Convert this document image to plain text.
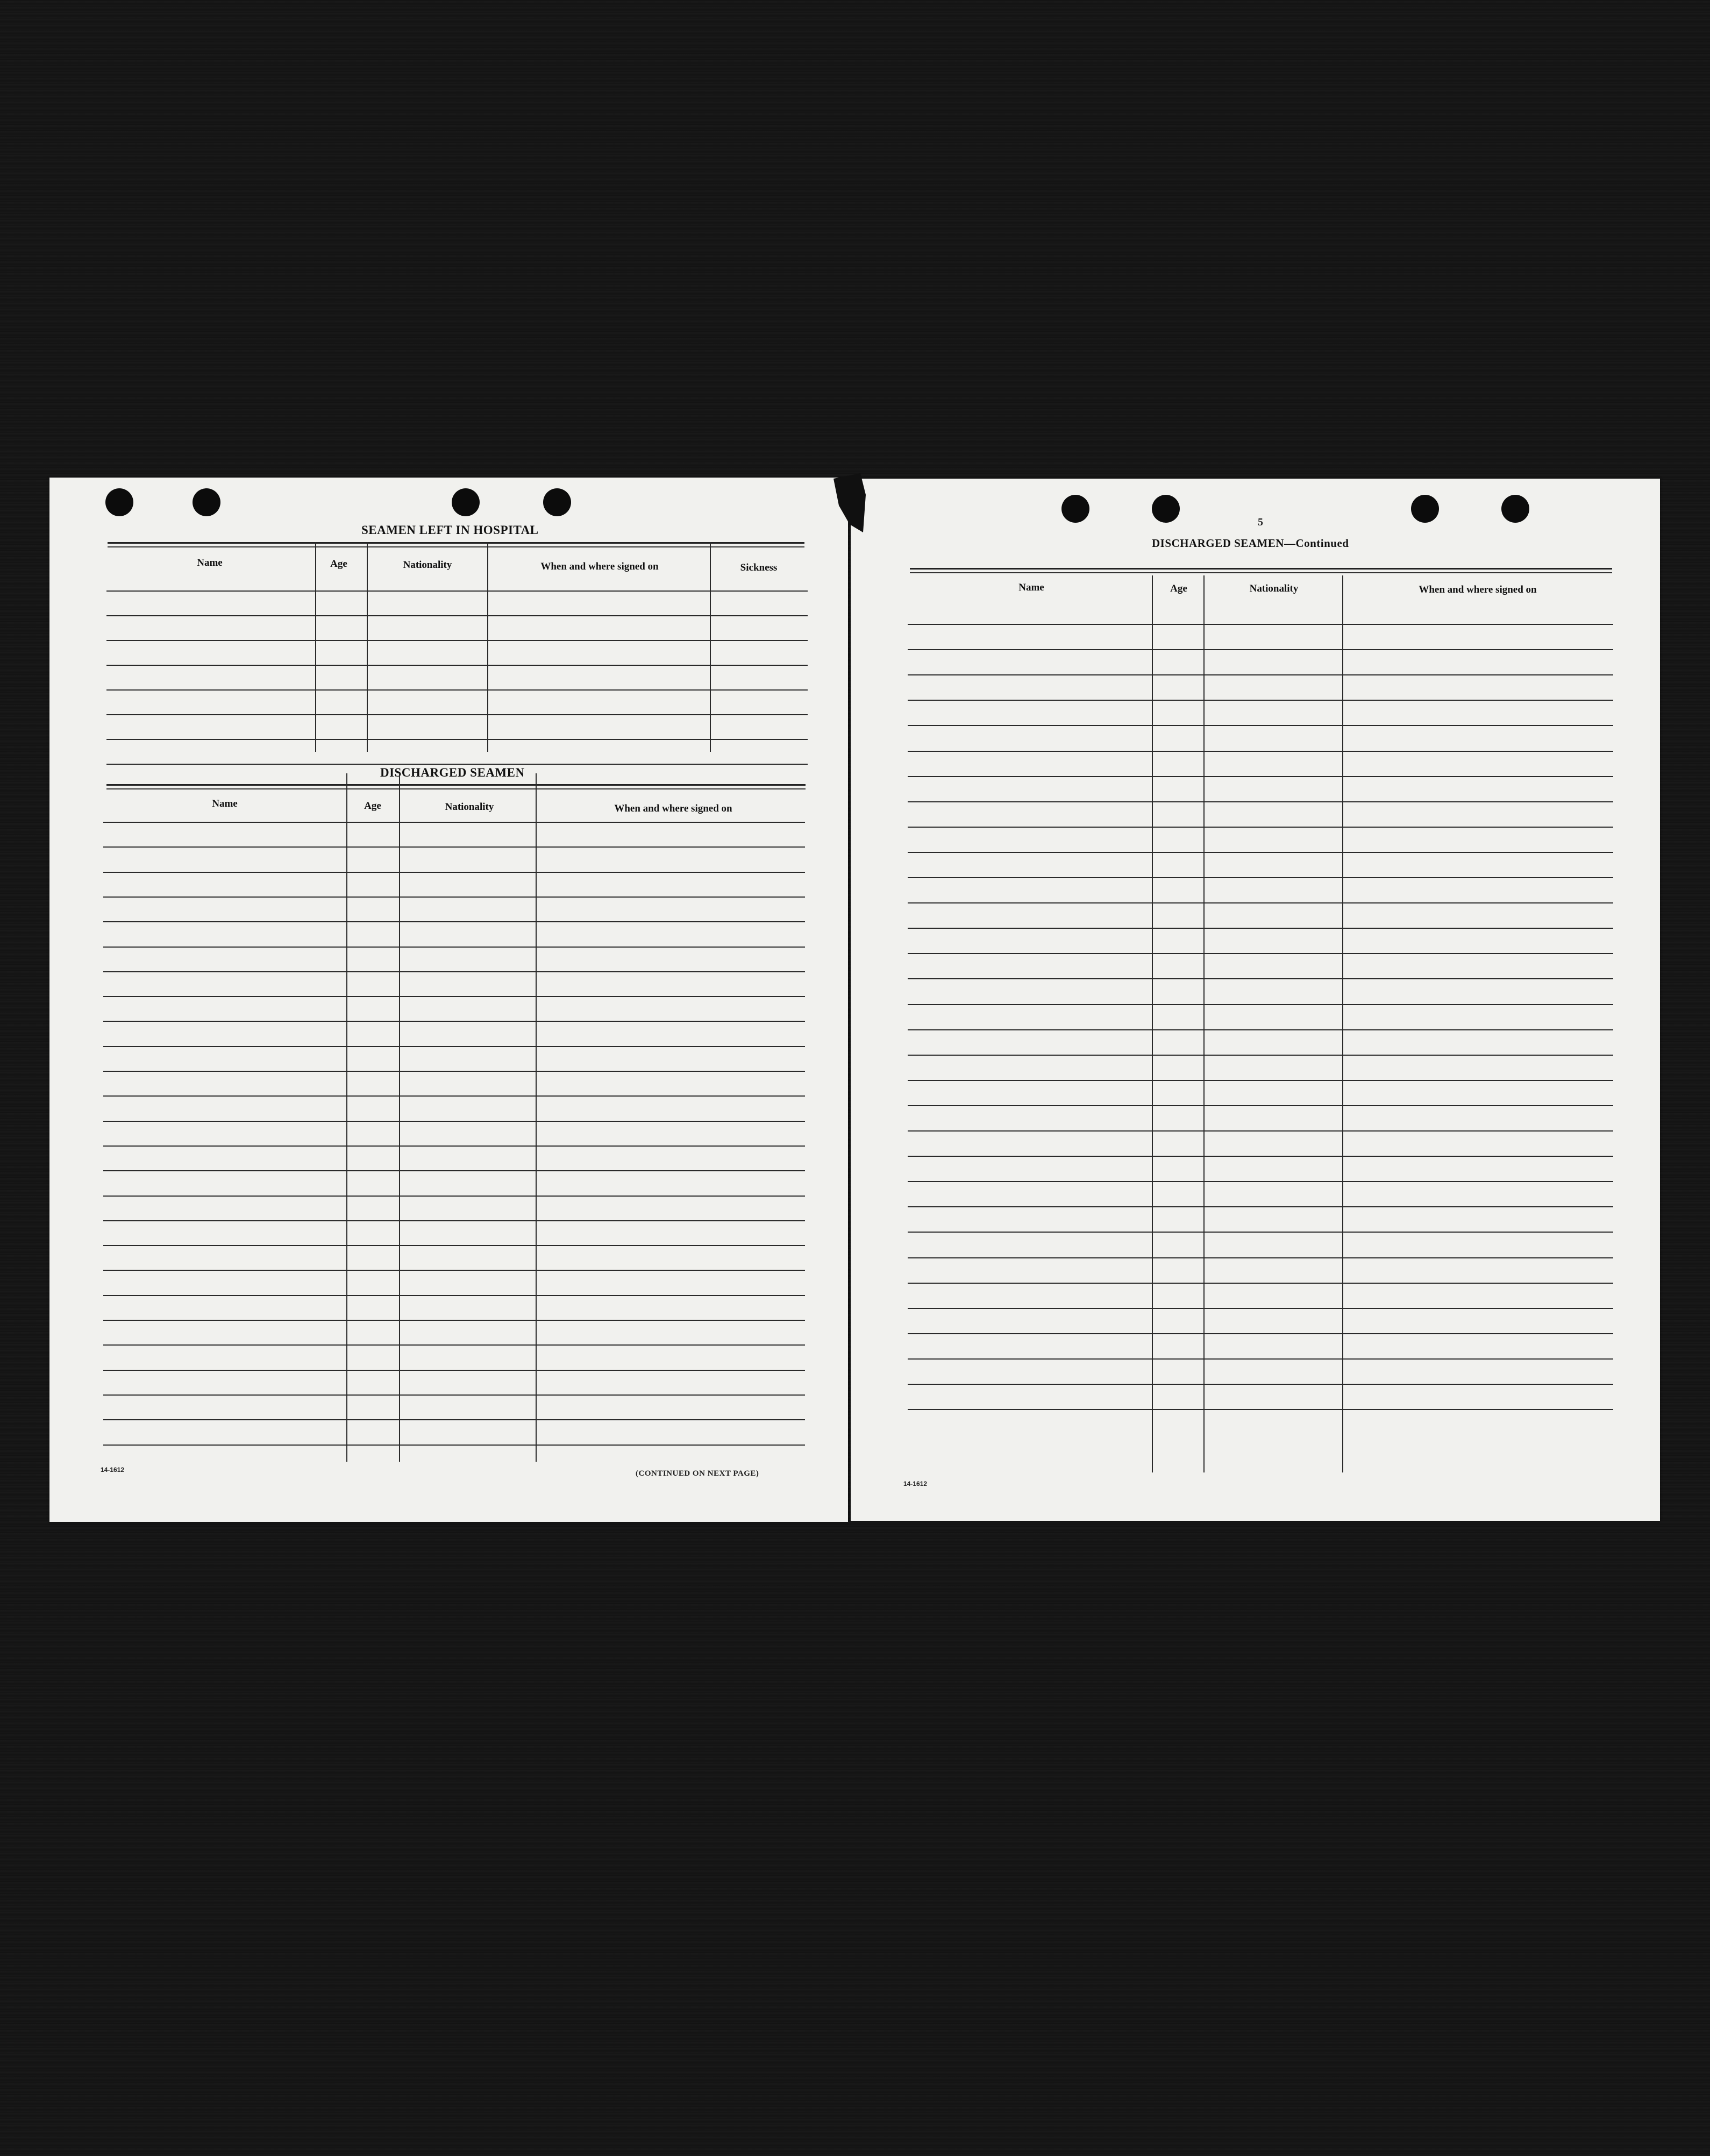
SEAMEN LEFT IN HOSPITAL
Name	Age	Nationality	When and where signed on	Sickness
DISCHARGED SEAMEN
Name	Age	Nationality	When and where signed on
14-1612	(CONTINUED ON NEXT PAGE)
5
DISCHARGED SEAMEN—Continued
Name	Age	Nationality	When and where signed on
14-1612
